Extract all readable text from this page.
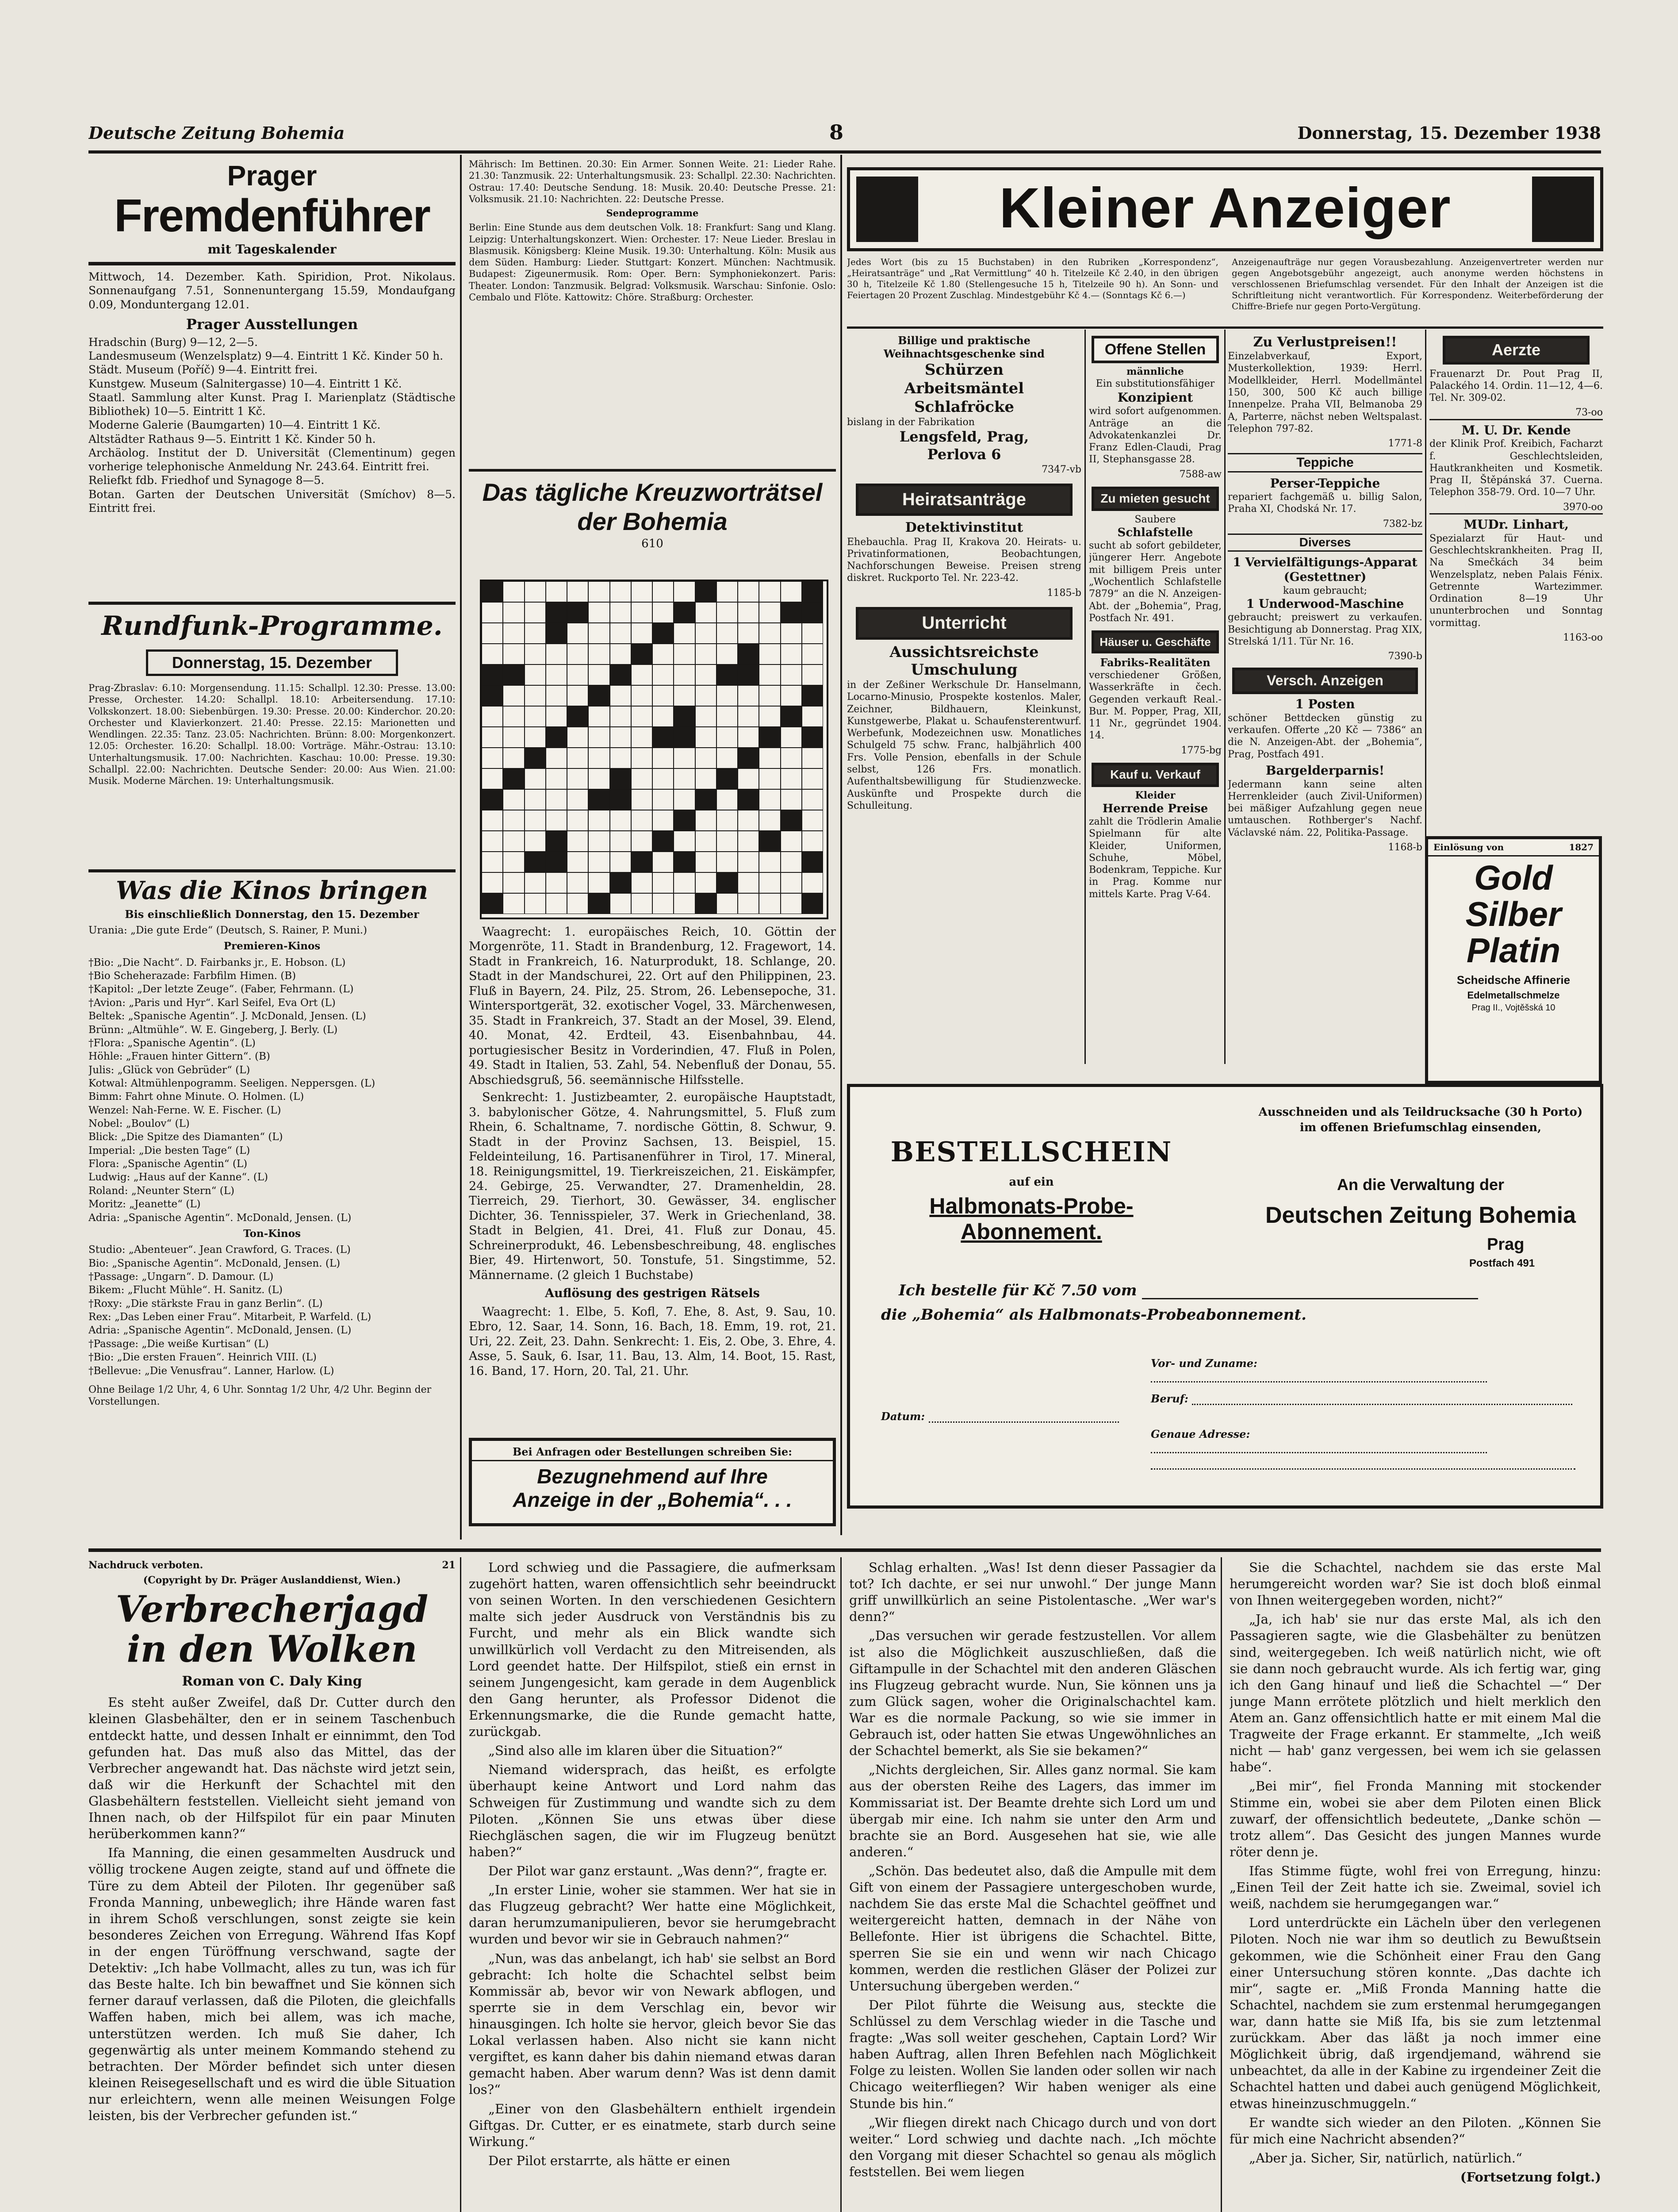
Deutsche Zeitung Bohemia	8	Donnerstag, 15. Dezember 1938
Prager
Fremdenführer
mit Tageskalender
Mittwoch, 14. Dezember. Kath. Spiridion, Prot. Nikolaus. Sonnenaufgang 7.51, Sonnenuntergang 15.59, Mondaufgang 0.09, Monduntergang 12.01.
Prager Ausstellungen

Hradschin (Burg) 9—12, 2—5.

Landesmuseum (Wenzelsplatz) 9—4. Eintritt 1 Kč. Kinder 50 h.

Städt. Museum (Poříč) 9—4. Eintritt frei.

Kunstgew. Museum (Salnitergasse) 10—4. Eintritt 1 Kč.

Staatl. Sammlung alter Kunst. Prag I. Marienplatz (Städtische Bibliothek) 10—5. Eintritt 1 Kč.

Moderne Galerie (Baumgarten) 10—4. Eintritt 1 Kč.

Altstädter Rathaus 9—5. Eintritt 1 Kč. Kinder 50 h.

Archäolog. Institut der D. Universität (Clementinum) gegen vorherige telephonische Anmeldung Nr. 243.64. Eintritt frei.

Reliefkt fdb. Friedhof und Synagoge 8—5.

Botan. Garten der Deutschen Universität (Smíchov) 8—5. Eintritt frei.

Rundfunk-Programme.
Donnerstag, 15. Dezember
Prag-Zbraslav: 6.10: Morgensendung. 11.15: Schallpl. 12.30: Presse. 13.00: Presse, Orchester. 14.20: Schallpl. 18.10: Arbeitersendung. 17.10: Volkskonzert. 18.00: Siebenbürgen. 19.30: Presse. 20.00: Kinderchor. 20.20: Orchester und Klavierkonzert. 21.40: Presse. 22.15: Marionetten und Wendlingen. 22.35: Tanz. 23.05: Nachrichten. Brünn: 8.00: Morgenkonzert. 12.05: Orchester. 16.20: Schallpl. 18.00: Vorträge. Mähr.-Ostrau: 13.10: Unterhaltungsmusik. 17.00: Nachrichten. Kaschau: 10.00: Presse. 19.30: Schallpl. 22.00: Nachrichten. Deutsche Sender: 20.00: Aus Wien. 21.00: Musik. Moderne Märchen. 19: Unterhaltungsmusik.
Was die Kinos bringen
Bis einschließlich Donnerstag, den 15. Dezember

Urania: „Die gute Erde“ (Deutsch, S. Rainer, P. Muni.)

Premieren-Kinos

†Bio: „Die Nacht“. D. Fairbanks jr., E. Hobson. (L)

†Bio Scheherazade: Farbfilm Himen. (B)

†Kapitol: „Der letzte Zeuge“. (Faber, Fehrmann. (L)

†Avion: „Paris und Hyr“. Karl Seifel, Eva Ort (L)

Beltek: „Spanische Agentin“. J. McDonald, Jensen. (L)

Brünn: „Altmühle“. W. E. Gingeberg, J. Berly. (L)

†Flora: „Spanische Agentin“. (L)

Höhle: „Frauen hinter Gittern“. (B)

Julis: „Glück von Gebrüder“ (L)

Kotwal: Altmühlenpogramm. Seeligen. Neppersgen. (L)

Bimm: Fahrt ohne Minute. O. Holmen. (L)

Wenzel: Nah-Ferne. W. E. Fischer. (L)

Nobel: „Boulov“ (L)

Blick: „Die Spitze des Diamanten“ (L)

Imperial: „Die besten Tage“ (L)

Flora: „Spanische Agentin“ (L)

Ludwig: „Haus auf der Kanne“. (L)

Roland: „Neunter Stern“ (L)

Moritz: „Jeanette“ (L)

Adria: „Spanische Agentin“. McDonald, Jensen. (L)

Ton-Kinos

Studio: „Abenteuer“. Jean Crawford, G. Traces. (L)

Bio: „Spanische Agentin“. McDonald, Jensen. (L)

†Passage: „Ungarn“. D. Damour. (L)

Bikem: „Flucht Mühle“. H. Sanitz. (L)

†Roxy: „Die stärkste Frau in ganz Berlin“. (L)

Rex: „Das Leben einer Frau“. Mitarbeit, P. Warfeld. (L)

Adria: „Spanische Agentin“. McDonald, Jensen. (L)

†Passage: „Die weiße Kurtisan“ (L)

†Bio: „Die ersten Frauen“. Heinrich VIII. (L)

†Bellevue: „Die Venusfrau“. Lanner, Harlow. (L)

Ohne Beilage 1/2 Uhr, 4, 6 Uhr. Sonntag 1/2 Uhr, 4/2 Uhr. Beginn der Vorstellungen.
Mährisch: Im Bettinen. 20.30: Ein Armer. Sonnen Weite. 21: Lieder Rahe. 21.30: Tanzmusik. 22: Unterhaltungsmusik. 23: Schallpl. 22.30: Nachrichten. Ostrau: 17.40: Deutsche Sendung. 18: Musik. 20.40: Deutsche Presse. 21: Volksmusik. 21.10: Nachrichten. 22: Deutsche Presse.
Sendeprogramme
Berlin: Eine Stunde aus dem deutschen Volk. 18: Frankfurt: Sang und Klang. Leipzig: Unterhaltungskonzert. Wien: Orchester. 17: Neue Lieder. Breslau in Blasmusik. Königsberg: Kleine Musik. 19.30: Unterhaltung. Köln: Musik aus dem Süden. Hamburg: Lieder. Stuttgart: Konzert. München: Nachtmusik. Budapest: Zigeunermusik. Rom: Oper. Bern: Symphoniekonzert. Paris: Theater. London: Tanzmusik. Belgrad: Volksmusik. Warschau: Sinfonie. Oslo: Cembalo und Flöte. Kattowitz: Chöre. Straßburg: Orchester.
Das tägliche Kreuzworträtsel der Bohemia
610

Waagrecht: 1. europäisches Reich, 10. Göttin der Morgenröte, 11. Stadt in Brandenburg, 12. Fragewort, 14. Stadt in Frankreich, 16. Naturprodukt, 18. Schlange, 20. Stadt in der Mandschurei, 22. Ort auf den Philippinen, 23. Fluß in Bayern, 24. Pilz, 25. Strom, 26. Lebensepoche, 31. Wintersportgerät, 32. exotischer Vogel, 33. Märchenwesen, 35. Stadt in Frankreich, 37. Stadt an der Mosel, 39. Elend, 40. Monat, 42. Erdteil, 43. Eisenbahnbau, 44. portugiesischer Besitz in Vorderindien, 47. Fluß in Polen, 49. Stadt in Italien, 53. Zahl, 54. Nebenfluß der Donau, 55. Abschiedsgruß, 56. seemännische Hilfsstelle.

Senkrecht: 1. Justizbeamter, 2. europäische Hauptstadt, 3. babylonischer Götze, 4. Nahrungsmittel, 5. Fluß zum Rhein, 6. Schaltname, 7. nordische Göttin, 8. Schwur, 9. Stadt in der Provinz Sachsen, 13. Beispiel, 15. Feldeinteilung, 16. Partisanenführer in Tirol, 17. Mineral, 18. Reinigungsmittel, 19. Tierkreiszeichen, 21. Eiskämpfer, 24. Gebirge, 25. Verwandter, 27. Dramenheldin, 28. Tierreich, 29. Tierhort, 30. Gewässer, 34. englischer Dichter, 36. Tennisspieler, 37. Werk in Griechenland, 38. Stadt in Belgien, 41. Drei, 41. Fluß zur Donau, 45. Schreinerprodukt, 46. Lebensbeschreibung, 48. englisches Bier, 49. Hirtenwort, 50. Tonstufe, 51. Singstimme, 52. Männername. (2 gleich 1 Buchstabe)

Auflösung des gestrigen Rätsels

Waagrecht: 1. Elbe, 5. Kofl, 7. Ehe, 8. Ast, 9. Sau, 10. Ebro, 12. Saar, 14. Sonn, 16. Bach, 18. Emm, 19. rot, 21. Uri, 22. Zeit, 23. Dahn. Senkrecht: 1. Eis, 2. Obe, 3. Ehre, 4. Asse, 5. Sauk, 6. Isar, 11. Bau, 13. Alm, 14. Boot, 15. Rast, 16. Band, 17. Horn, 20. Tal, 21. Uhr.

Bei Anfragen oder Bestellungen schreiben Sie:
Bezugnehmend auf Ihre
Anzeige in der „Bohemia“. . .
Kleiner Anzeiger
Jedes Wort (bis zu 15 Buchstaben) in den Rubriken „Korrespondenz“, „Heiratsanträge“ und „Rat Vermittlung“ 40 h. Titelzeile Kč 2.40, in den übrigen 30 h, Titelzeile Kč 1.80 (Stellengesuche 15 h, Titelzeile 90 h). An Sonn- und Feiertagen 20 Prozent Zuschlag. Mindestgebühr Kč 4.— (Sonntags Kč 6.—)
Anzeigenaufträge nur gegen Vorausbezahlung. Anzeigenvertreter werden nur gegen Angebotsgebühr angezeigt, auch anonyme werden höchstens in verschlossenen Briefumschlag versendet. Für den Inhalt der Anzeigen ist die Schriftleitung nicht verantwortlich. Für Korrespondenz. Weiterbeförderung der Chiffre-Briefe nur gegen Porto-Vergütung.
Billige und praktische Weihnachtsgeschenke sind
Schürzen
Arbeitsmäntel
Schlafröcke
bislang in der Fabrikation
Lengsfeld, Prag,
Perlova 6
7347-vb
Heiratsanträge
Detektivinstitut

Ehebauchla. Prag II, Krakova 20. Heirats- u. Privatinformationen, Beobachtungen, Nachforschungen Beweise. Preisen streng diskret. Ruckporto Tel. Nr. 223-42.

1185-b
Unterricht
Aussichtsreichste Umschulung

in der Zeßiner Werkschule Dr. Hanselmann, Locarno-Minusio, Prospekte kostenlos. Maler, Zeichner, Bildhauern, Kleinkunst, Kunstgewerbe, Plakat u. Schaufensterentwurf. Werbefunk, Modezeichnen usw. Monatliches Schulgeld 75 schw. Franc, halbjährlich 400 Frs. Volle Pension, ebenfalls in der Schule selbst, 126 Frs. monatlich. Aufenthaltsbewilligung für Studienzwecke. Auskünfte und Prospekte durch die Schulleitung.

Offene Stellen
männliche
Ein substitutionsfähiger
Konzipient

wird sofort aufgenommen. Anträge an die Advokatenkanzlei Dr. Franz Edlen-Claudi, Prag II, Stephansgasse 28.

7588-aw
Zu mieten gesucht
Saubere
Schlafstelle

sucht ab sofort gebildeter, jüngerer Herr. Angebote mit billigem Preis unter „Wochentlich Schlafstelle 7879“ an die N. Anzeigen-Abt. der „Bohemia“, Prag, Postfach Nr. 491.

Häuser u. Geschäfte
Fabriks-Realitäten

verschiedener Größen, Wasserkräfte in čech. Gegenden verkauft Real.-Bur. M. Popper, Prag, XII, 11 Nr., gegründet 1904. 14.

1775-bg
Kauf u. Verkauf
Kleider
Herrende Preise

zahlt die Trödlerin Amalie Spielmann für alte Kleider, Uniformen, Schuhe, Möbel, Bodenkram, Teppiche. Kur in Prag. Komme nur mittels Karte. Prag V-64.

Zu Verlustpreisen!!

Einzelabverkauf, Export, Musterkollektion, 1939: Herrl. Modellkleider, Herrl. Modellmäntel 150, 300, 500 Kč auch billige Innenpelze. Praha VII, Belmanoba 29 A, Parterre, nächst neben Weltspalast. Telephon 797-82.

1771-8
Teppiche
Perser-Teppiche

repariert fachgemäß u. billig Salon, Praha XI, Chodská Nr. 17.

7382-bz
Diverses
1 Vervielfältigungs-Apparat (Gestettner)
kaum gebraucht;
1 Underwood-Maschine

gebraucht; preiswert zu verkaufen. Besichtigung ab Donnerstag. Prag XIX, Strelská 1/11. Tür Nr. 16.

7390-b
Versch. Anzeigen
1 Posten

schöner Bettdecken günstig zu verkaufen. Offerte „20 Kč — 7386“ an die N. Anzeigen-Abt. der „Bohemia“, Prag, Postfach 491.

Bargelderparnis!

Jedermann kann seine alten Herrenkleider (auch Zivil-Uniformen) bei mäßiger Aufzahlung gegen neue umtauschen. Rothberger's Nachf. Václavské nám. 22, Politika-Passage.

1168-b
Aerzte

Frauenarzt Dr. Pout Prag II, Palackého 14. Ordin. 11—12, 4—6. Tel. Nr. 309-02.

73-oo
M. U. Dr. Kende

der Klinik Prof. Kreibich, Facharzt f. Geschlechtsleiden, Hautkrankheiten und Kosmetik. Prag II, Štěpánská 37. Cuerna. Telephon 358-79. Ord. 10—7 Uhr.

3970-oo
MUDr. Linhart,

Spezialarzt für Haut- und Geschlechtskrankheiten. Prag II, Na Smečkách 34 beim Wenzelsplatz, neben Palais Fénix. Getrennte Wartezimmer. Ordination 8—19 Uhr ununterbrochen und Sonntag vormittag.

1163-oo
Einlösung von	1827
Gold
Silber
Platin
Scheidsche Affinerie
Edelmetallschmelze
Prag II., Vojtěšská 10
BESTELLSCHEIN
auf ein
Halbmonats-Probe-Abonnement.
Ausschneiden und als Teildrucksache (30 h Porto) im offenen Briefumschlag einsenden,
An die Verwaltung der
Deutschen Zeitung Bohemia
Prag
Postfach 491
Ich bestelle für Kč 7.50 vom
die „Bohemia“ als Halbmonats-Probeabonnement.
Vor- und Zuname:
Beruf:
Datum:
Genaue Adresse:
Nachdruck verboten.	21
(Copyright by Dr. Präger Auslanddienst, Wien.)
Verbrecherjagd
in den Wolken
Roman von C. Daly King

Es steht außer Zweifel, daß Dr. Cutter durch den kleinen Glasbehälter, den er in seinem Taschenbuch entdeckt hatte, und dessen Inhalt er einnimmt, den Tod gefunden hat. Das muß also das Mittel, das der Verbrecher angewandt hat. Das nächste wird jetzt sein, daß wir die Herkunft der Schachtel mit den Glasbehältern feststellen. Vielleicht sieht jemand von Ihnen nach, ob der Hilfspilot für ein paar Minuten herüberkommen kann?“

Ifa Manning, die einen gesammelten Ausdruck und völlig trockene Augen zeigte, stand auf und öffnete die Türe zu dem Abteil der Piloten. Ihr gegenüber saß Fronda Manning, unbeweglich; ihre Hände waren fast in ihrem Schoß verschlungen, sonst zeigte sie kein besonderes Zeichen von Erregung. Während Ifas Kopf in der engen Türöffnung verschwand, sagte der Detektiv: „Ich habe Vollmacht, alles zu tun, was ich für das Beste halte. Ich bin bewaffnet und Sie können sich ferner darauf verlassen, daß die Piloten, die gleichfalls Waffen haben, mich bei allem, was ich mache, unterstützen werden. Ich muß Sie daher, Ich gegenwärtig als unter meinem Kommando stehend zu betrachten. Der Mörder befindet sich unter diesen kleinen Reisegesellschaft und es wird die üble Situation nur erleichtern, wenn alle meinen Weisungen Folge leisten, bis der Verbrecher gefunden ist.“

Lord schwieg und die Passagiere, die aufmerksam zugehört hatten, waren offensichtlich sehr beeindruckt von seinen Worten. In den verschiedenen Gesichtern malte sich jeder Ausdruck von Verständnis bis zu Furcht, und mehr als ein Blick wandte sich unwillkürlich voll Verdacht zu den Mitreisenden, als Lord geendet hatte. Der Hilfspilot, stieß ein ernst in seinem Jungengesicht, kam gerade in dem Augenblick den Gang herunter, als Professor Didenot die Erkennungsmarke, die die Runde gemacht hatte, zurückgab.

„Sind also alle im klaren über die Situation?“

Niemand widersprach, das heißt, es erfolgte überhaupt keine Antwort und Lord nahm das Schweigen für Zustimmung und wandte sich zu dem Piloten. „Können Sie uns etwas über diese Riechgläschen sagen, die wir im Flugzeug benützt haben?“

Der Pilot war ganz erstaunt. „Was denn?“, fragte er.

„In erster Linie, woher sie stammen. Wer hat sie in das Flugzeug gebracht? Wer hatte eine Möglichkeit, daran herumzumanipulieren, bevor sie herumgebracht wurden und bevor wir sie in Gebrauch nahmen?“

„Nun, was das anbelangt, ich hab' sie selbst an Bord gebracht: Ich holte die Schachtel selbst beim Kommissär ab, bevor wir von Newark abflogen, und sperrte sie in dem Verschlag ein, bevor wir hinausgingen. Ich holte sie hervor, gleich bevor Sie das Lokal verlassen haben. Also nicht sie kann nicht vergiftet, es kann daher bis dahin niemand etwas daran gemacht haben. Aber warum denn? Was ist denn damit los?“

„Einer von den Glasbehältern enthielt irgendein Giftgas. Dr. Cutter, er es einatmete, starb durch seine Wirkung.“

Der Pilot erstarrte, als hätte er einen

Schlag erhalten. „Was! Ist denn dieser Passagier da tot? Ich dachte, er sei nur unwohl.“ Der junge Mann griff unwillkürlich an seine Pistolentasche. „Wer war's denn?“

„Das versuchen wir gerade festzustellen. Vor allem ist also die Möglichkeit auszuschließen, daß die Giftampulle in der Schachtel mit den anderen Gläschen ins Flugzeug gebracht wurde. Nun, Sie können uns ja zum Glück sagen, woher die Originalschachtel kam. War es die normale Packung, so wie sie immer in Gebrauch ist, oder hatten Sie etwas Ungewöhnliches an der Schachtel bemerkt, als Sie sie bekamen?“

„Nichts dergleichen, Sir. Alles ganz normal. Sie kam aus der obersten Reihe des Lagers, das immer im Kommissariat ist. Der Beamte drehte sich Lord um und übergab mir eine. Ich nahm sie unter den Arm und brachte sie an Bord. Ausgesehen hat sie, wie alle anderen.“

„Schön. Das bedeutet also, daß die Ampulle mit dem Gift von einem der Passagiere untergeschoben wurde, nachdem Sie das erste Mal die Schachtel geöffnet und weitergereicht hatten, demnach in der Nähe von Bellefonte. Hier ist übrigens die Schachtel. Bitte, sperren Sie sie ein und wenn wir nach Chicago kommen, werden die restlichen Gläser der Polizei zur Untersuchung übergeben werden.“

Der Pilot führte die Weisung aus, steckte die Schlüssel zu dem Verschlag wieder in die Tasche und fragte: „Was soll weiter geschehen, Captain Lord? Wir haben Auftrag, allen Ihren Befehlen nach Möglichkeit Folge zu leisten. Wollen Sie landen oder sollen wir nach Chicago weiterfliegen? Wir haben weniger als eine Stunde bis hin.“

„Wir fliegen direkt nach Chicago durch und von dort weiter.“ Lord schwieg und dachte nach. „Ich möchte den Vorgang mit dieser Schachtel so genau als möglich feststellen. Bei wem liegen

Sie die Schachtel, nachdem sie das erste Mal herumgereicht worden war? Sie ist doch bloß einmal von Ihnen weitergegeben worden, nicht?“

„Ja, ich hab' sie nur das erste Mal, als ich den Passagieren sagte, wie die Glasbehälter zu benützen sind, weitergegeben. Ich weiß natürlich nicht, wie oft sie dann noch gebraucht wurde. Als ich fertig war, ging ich den Gang hinauf und ließ die Schachtel —“ Der junge Mann errötete plötzlich und hielt merklich den Atem an. Ganz offensichtlich hatte er mit einem Mal die Tragweite der Frage erkannt. Er stammelte, „Ich weiß nicht — hab' ganz vergessen, bei wem ich sie gelassen habe“.

„Bei mir“, fiel Fronda Manning mit stockender Stimme ein, wobei sie aber dem Piloten einen Blick zuwarf, der offensichtlich bedeutete, „Danke schön — trotz allem“. Das Gesicht des jungen Mannes wurde röter denn je.

Ifas Stimme fügte, wohl frei von Erregung, hinzu: „Einen Teil der Zeit hatte ich sie. Zweimal, soviel ich weiß, nachdem sie herumgegangen war.“

Lord unterdrückte ein Lächeln über den verlegenen Piloten. Noch nie war ihm so deutlich zu Bewußtsein gekommen, wie die Schönheit einer Frau den Gang einer Untersuchung stören konnte. „Das dachte ich mir“, sagte er. „Miß Fronda Manning hatte die Schachtel, nachdem sie zum erstenmal herumgegangen war, dann hatte sie Miß Ifa, bis sie zum letztenmal zurückkam. Aber das läßt ja noch immer eine Möglichkeit übrig, daß irgendjemand, während sie unbeachtet, da alle in der Kabine zu irgendeiner Zeit die Schachtel hatten und dabei auch genügend Möglichkeit, etwas hineinzuschmuggeln.“

Er wandte sich wieder an den Piloten. „Können Sie für mich eine Nachricht absenden?“

„Aber ja. Sicher, Sir, natürlich, natürlich.“

(Fortsetzung folgt.)
